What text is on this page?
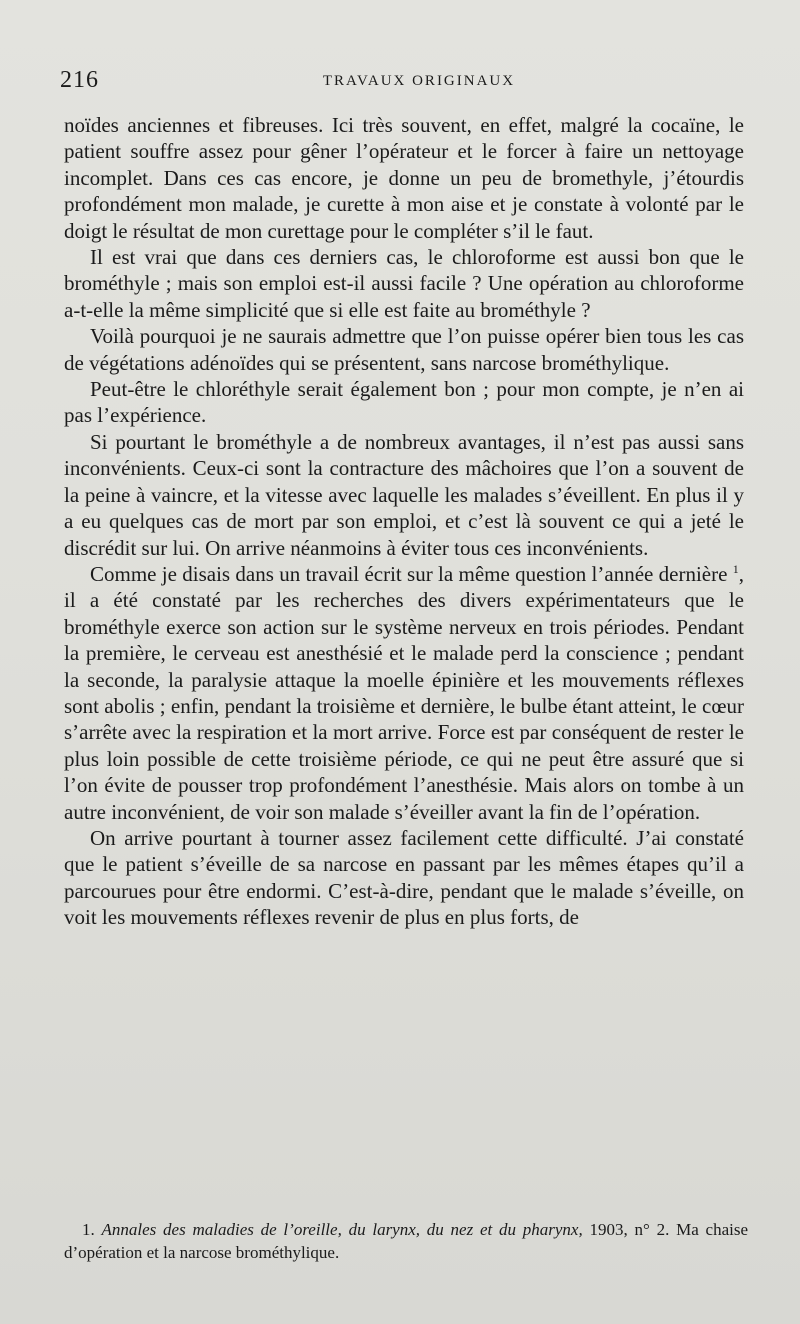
216	TRAVAUX ORIGINAUX

noïdes anciennes et fibreuses. Ici très souvent, en effet, malgré la cocaïne, le patient souffre assez pour gêner l’opérateur et le forcer à faire un nettoyage incomplet. Dans ces cas encore, je donne un peu de bromethyle, j’étourdis profondément mon malade, je curette à mon aise et je constate à volonté par le doigt le résultat de mon curettage pour le compléter s’il le faut.

Il est vrai que dans ces derniers cas, le chloroforme est aussi bon que le brométhyle ; mais son emploi est-il aussi facile ? Une opération au chloroforme a-t-elle la même simplicité que si elle est faite au brométhyle ?

Voilà pourquoi je ne saurais admettre que l’on puisse opérer bien tous les cas de végétations adénoïdes qui se présentent, sans narcose brométhylique.

Peut-être le chloréthyle serait également bon ; pour mon compte, je n’en ai pas l’expérience.

Si pourtant le brométhyle a de nombreux avantages, il n’est pas aussi sans inconvénients. Ceux-ci sont la contracture des mâchoires que l’on a souvent de la peine à vaincre, et la vitesse avec laquelle les malades s’éveillent. En plus il y a eu quelques cas de mort par son emploi, et c’est là souvent ce qui a jeté le discrédit sur lui. On arrive néanmoins à éviter tous ces inconvénients.

Comme je disais dans un travail écrit sur la même question l’année dernière $^1$, il a été constaté par les recherches des divers expérimentateurs que le brométhyle exerce son action sur le système nerveux en trois périodes. Pendant la première, le cerveau est anesthésié et le malade perd la conscience ; pendant la seconde, la paralysie attaque la moelle épinière et les mouvements réflexes sont abolis ; enfin, pendant la troisième et dernière, le bulbe étant atteint, le cœur s’arrête avec la respiration et la mort arrive. Force est par conséquent de rester le plus loin possible de cette troisième période, ce qui ne peut être assuré que si l’on évite de pousser trop profondément l’anesthésie. Mais alors on tombe à un autre inconvénient, de voir son malade s’éveiller avant la fin de l’opération.

On arrive pourtant à tourner assez facilement cette difficulté. J’ai constaté que le patient s’éveille de sa narcose en passant par les mêmes étapes qu’il a parcourues pour être endormi. C’est-à-dire, pendant que le malade s’éveille, on voit les mouvements réflexes revenir de plus en plus forts, de

1. Annales des maladies de l’oreille, du larynx, du nez et du pharynx, 1903, n° 2. Ma chaise d’opération et la narcose brométhylique.
